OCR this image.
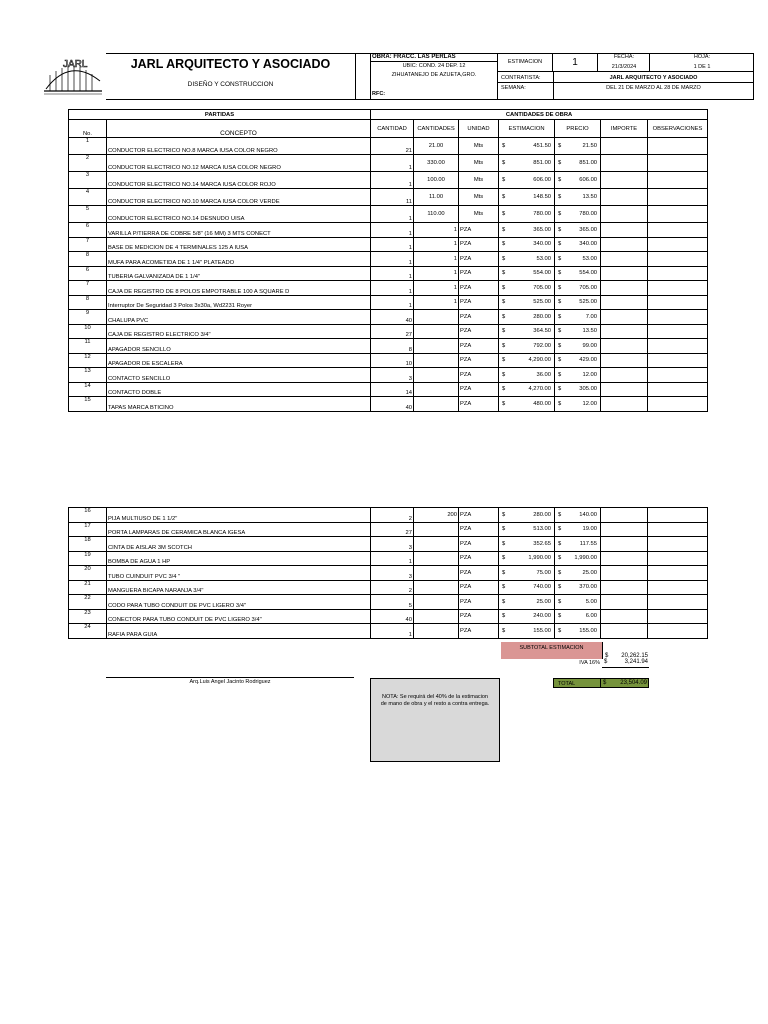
JARL	JARL ARQUITECTO Y ASOCIADO
DISEÑO Y CONSTRUCCION
OBRA: FRACC. LAS PERLAS
UBIC: COND. 24 DEP. 12
ZIHUATANEJO DE AZUETA,GRO.
RFC:
ESTIMACION	1	FECHA:
21/3/2024
HOJA:
1 DE 1
CONTRATISTA:	JARL ARQUITECTO Y ASOCIADO
SEMANA:	DEL 21 DE MARZO AL 28 DE MARZO
PARTIDAS		CANTIDADES DE OBRA						
No.	CONCEPTO	CANTIDAD	CANTIDADES	UNIDAD	ESTIMACION	PRECIO	IMPORTE	OBSERVACIONES
1	CONDUCTOR ELECTRICO NO.8 MARCA IUSA COLOR NEGRO	21	21.00	Mts	$ 451.50	$ 21.50		

2	CONDUCTOR ELECTRICO NO.12 MARCA IUSA COLOR NEGRO	1	330.00	Mts	$ 851.00	$ 851.00		

3	CONDUCTOR ELECTRICO NO.14 MARCA IUSA COLOR ROJO	1	100.00	Mts	$ 606.00	$ 606.00		

4	CONDUCTOR ELECTRICO NO.10 MARCA IUSA COLOR VERDE	11	11.00	Mts	$ 148.50	$ 13.50		

5	CONDUCTOR ELECTRICO NO.14 DESNUDO UISA	1	110.00	Mts	$ 780.00	$ 780.00		

6	VARILLA P/TIERRA DE COBRE 5/8" (16 MM) 3 MTS CONECT	1	1	PZA	$ 365.00	$ 365.00		

7	BASE DE MEDICION DE 4 TERMINALES 125 A IUSA	1	1	PZA	$ 340.00	$ 340.00		

8	MUFA PARA ACOMETIDA DE 1 1/4" PLATEADO	1	1	PZA	$ 53.00	$ 53.00		

6	TUBERIA GALVANIZADA DE 1 1/4"	1	1	PZA	$ 554.00	$ 554.00		

7	CAJA DE REGISTRO DE 8 POLOS EMPOTRABLE 100 A SQUARE D	1	1	PZA	$ 705.00	$ 705.00		

8	Interruptor De Seguridad 3 Polos 3x30a, Wd2231 Royer	1	1	PZA	$ 525.00	$ 525.00		

9	CHALUPA PVC	40		PZA	$ 280.00	$ 7.00		

10	CAJA DE REGISTRO ELECTRICO 3/4"	27		PZA	$ 364.50	$ 13.50		

11	APAGADOR SENCILLO	8		PZA	$ 792.00	$ 99.00		

12	APAGADOR DE ESCALERA	10		PZA	$ 4,290.00	$ 429.00		

13	CONTACTO SENCILLO	3		PZA	$ 36.00	$ 12.00		

14	CONTACTO DOBLE	14		PZA	$ 4,270.00	$ 305.00		

15	TAPAS MARCA BTICINO	40		PZA	$ 480.00	$ 12.00		

16	PIJA MULTIUSO DE 1 1/2"	2	200	PZA	$ 280.00	$ 140.00		

17	PORTA LAMPARAS DE CERAMICA BLANCA IGESA	27		PZA	$ 513.00	$ 19.00		

18	CINTA DE AISLAR 3M SCOTCH	3		PZA	$ 352.65	$ 117.55		

19	BOMBA DE AGUA 1 HP	1		PZA	$ 1,990.00	$ 1,990.00		

20	TUBO CUINDUIT PVC 3/4 "	3		PZA	$ 75.00	$ 25.00		

21	MANGUERA BICAPA NARANJA 3/4"	2		PZA	$ 740.00	$ 370.00		

22	CODO PARA TUBO CONDUIT DE PVC LIGERO 3/4"	5		PZA	$ 25.00	$ 5.00		

23	CONECTOR PARA TUBO CONDUIT DE PVC LIGERO 3/4"	40		PZA	$ 240.00	$ 6.00		

24	RAFIA PARA GUIA	1		PZA	$ 155.00	$ 155.00		

SUBTOTAL ESTIMACION
$ 20,262.15
IVA 16% $	3,241.94
TOTAL	$ 23,504.09
Arq.Luis Angel Jacinto Rodriguez
NOTA: Se requirá del 40% de la estimacion de mano de obra y el resto a contra entrega.
